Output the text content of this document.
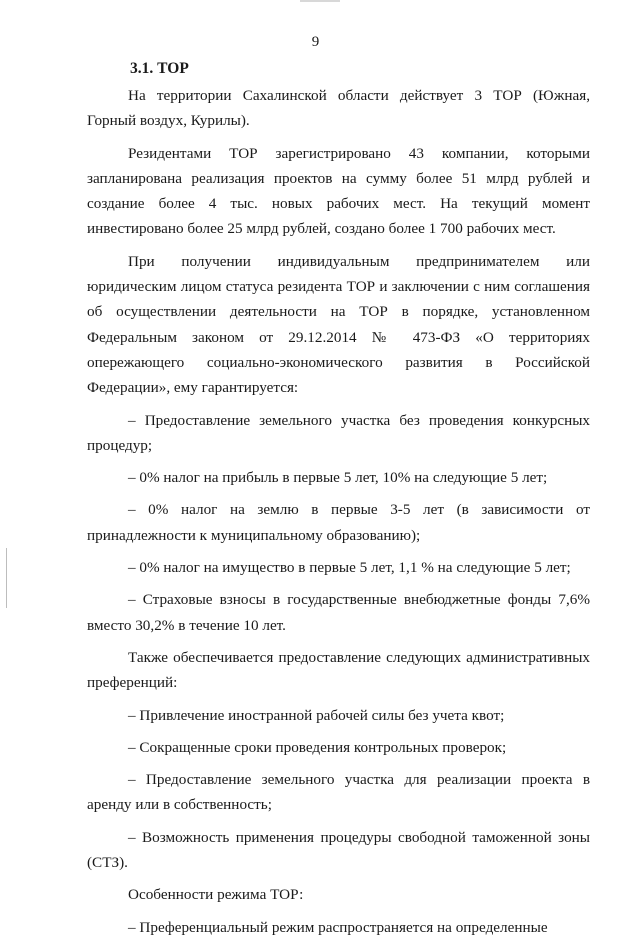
9
3.1. ТОР

На территории Сахалинской области действует 3 ТОР (Южная, Горный воздух, Курилы).

Резидентами ТОР зарегистрировано 43 компании, которыми запланирована реализация проектов на сумму более 51 млрд рублей и создание более 4 тыс. новых рабочих мест. На текущий момент инвестировано более 25 млрд рублей, создано более 1 700 рабочих мест.

При получении индивидуальным предпринимателем или юридическим лицом статуса резидента ТОР и заключении с ним соглашения об осуществлении деятельности на ТОР в порядке, установленном Федеральным законом от 29.12.2014 № 473-ФЗ «О территориях опережающего социально-экономического развития в Российской Федерации», ему гарантируется:

– Предоставление земельного участка без проведения конкурсных процедур;

– 0% налог на прибыль в первые 5 лет, 10% на следующие 5 лет;

– 0% налог на землю в первые 3-5 лет (в зависимости от принадлежности к муниципальному образованию);

– 0% налог на имущество в первые 5 лет, 1,1 % на следующие 5 лет;

– Страховые взносы в государственные внебюджетные фонды 7,6% вместо 30,2% в течение 10 лет.

Также обеспечивается предоставление следующих административных преференций:

– Привлечение иностранной рабочей силы без учета квот;

– Сокращенные сроки проведения контрольных проверок;

– Предоставление земельного участка для реализации проекта в аренду или в собственность;

– Возможность применения процедуры свободной таможенной зоны (СТЗ).

Особенности режима ТОР:

– Преференциальный режим распространяется на определенные
